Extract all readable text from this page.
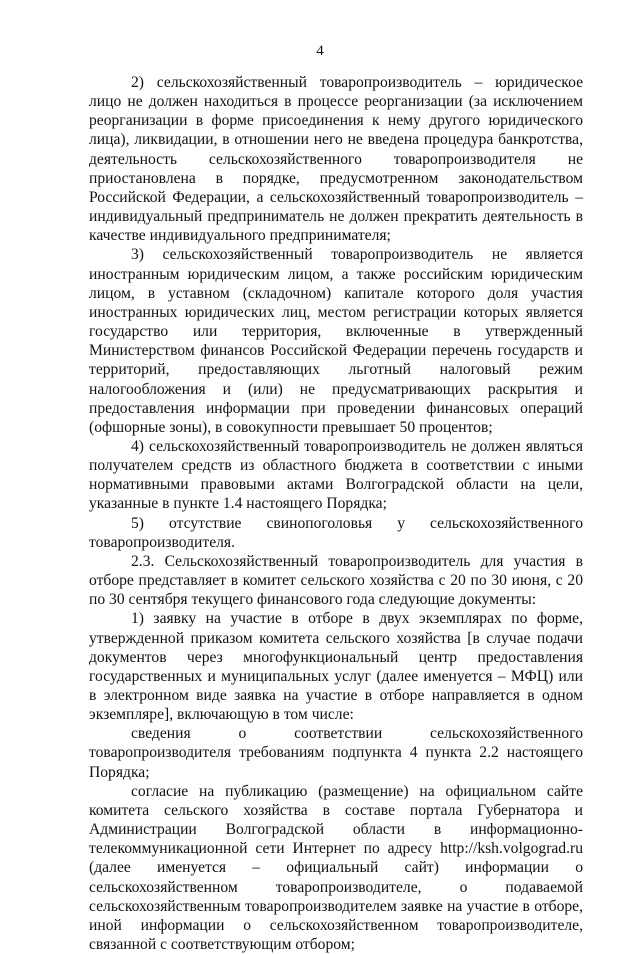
4

2) сельскохозяйственный товаропроизводитель – юридическое лицо не должен находиться в процессе реорганизации (за исключением реорганизации в форме присоединения к нему другого юридического лица), ликвидации, в отношении него не введена процедура банкротства, деятельность сельскохозяйственного товаропроизводителя не приостановлена в порядке, предусмотренном законодательством Российской Федерации, а сельскохозяйственный товаропроизводитель – индивидуальный предприниматель не должен прекратить деятельность в качестве индивидуального предпринимателя;

3) сельскохозяйственный товаропроизводитель не является иностранным юридическим лицом, а также российским юридическим лицом, в уставном (складочном) капитале которого доля участия иностранных юридических лиц, местом регистрации которых является государство или территория, включенные в утвержденный Министерством финансов Российской Федерации перечень государств и территорий, предоставляющих льготный налоговый режим налогообложения и (или) не предусматривающих раскрытия и предоставления информации при проведении финансовых операций (офшорные зоны), в совокупности превышает 50 процентов;

4) сельскохозяйственный товаропроизводитель не должен являться получателем средств из областного бюджета в соответствии с иными нормативными правовыми актами Волгоградской области на цели, указанные в пункте 1.4 настоящего Порядка;

5) отсутствие свинопоголовья у сельскохозяйственного товаропроизводителя.

2.3. Сельскохозяйственный товаропроизводитель для участия в отборе представляет в комитет сельского хозяйства с 20 по 30 июня, с 20 по 30 сентября текущего финансового года следующие документы:

1) заявку на участие в отборе в двух экземплярах по форме, утвержденной приказом комитета сельского хозяйства [в случае подачи документов через многофункциональный центр предоставления государственных и муниципальных услуг (далее именуется – МФЦ) или в электронном виде заявка на участие в отборе направляется в одном экземпляре], включающую в том числе:

сведения о соответствии сельскохозяйственного товаропроизводителя требованиям подпункта 4 пункта 2.2 настоящего Порядка;

согласие на публикацию (размещение) на официальном сайте комитета сельского хозяйства в составе портала Губернатора и Администрации Волгоградской области в информационно-телекоммуникационной сети Интернет по адресу http://ksh.volgograd.ru (далее именуется – официальный сайт) информации о сельскохозяйственном товаропроизводителе, о подаваемой сельскохозяйственным товаропроизводителем заявке на участие в отборе, иной информации о сельскохозяйственном товаропроизводителе, связанной с соответствующим отбором;
